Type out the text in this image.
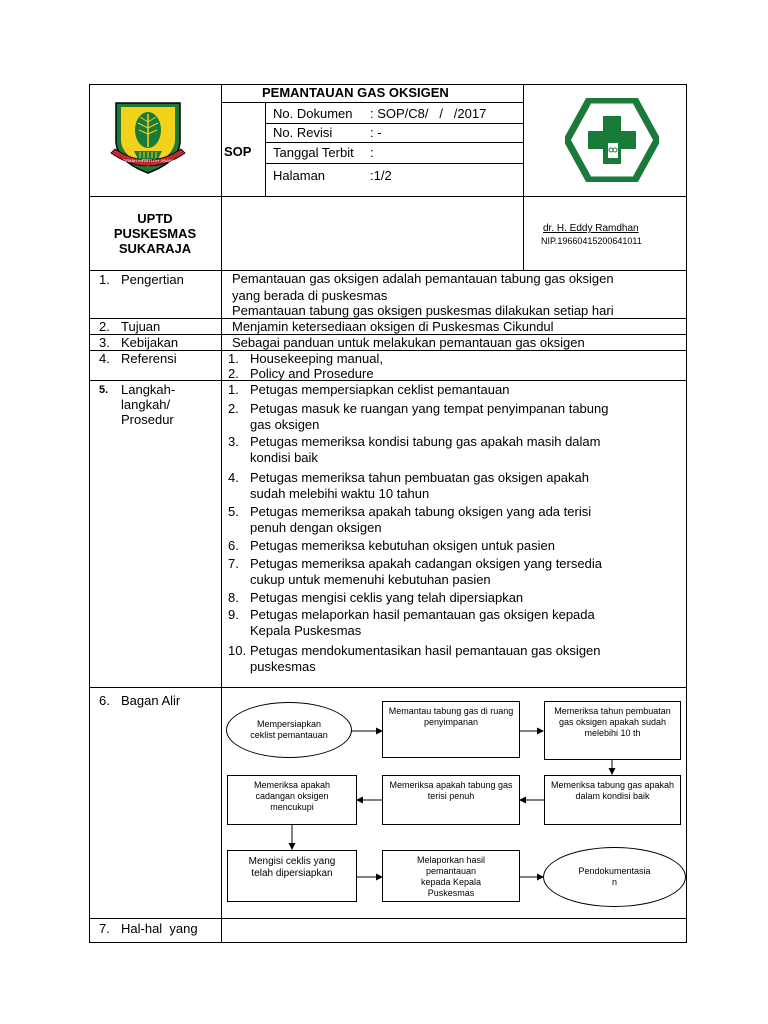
GEMAH RIPAH LOH JINAWI
PEMANTAUAN GAS OKSIGEN
SOP
No. Dokumen : SOP/C8/   /   /2017
No. Revisi	: -
Tanggal Terbit :
Halaman	:1/2
UPTD
PUSKESMAS
SUKARAJA
dr. H. Eddy Ramdhan
NIP.19660415200641011
1. Pengertian	Pemantauan gas oksigen adalah pemantauan tabung gas oksigen
yang berada di puskesmas
Pemantauan tabung gas oksigen puskesmas dilakukan setiap hari
2. Tujuan	Menjamin ketersediaan oksigen di Puskesmas Cikundul
3. Kebijakan	Sebagai panduan untuk melakukan pemantauan gas oksigen
4. Referensi	1. Housekeeping manual,
2. Policy and Prosedure
5. Langkah-
langkah/
Prosedur
1. Petugas mempersiapkan ceklist pemantauan
2. Petugas masuk ke ruangan yang tempat penyimpanan tabung
gas oksigen
3. Petugas memeriksa kondisi tabung gas apakah masih dalam
kondisi baik
4. Petugas memeriksa tahun pembuatan gas oksigen apakah
sudah melebihi waktu 10 tahun
5. Petugas memeriksa apakah tabung oksigen yang ada terisi
penuh dengan oksigen
6. Petugas memeriksa kebutuhan oksigen untuk pasien
7. Petugas memeriksa apakah cadangan oksigen yang tersedia
cukup untuk memenuhi kebutuhan pasien
8. Petugas mengisi ceklis yang telah dipersiapkan
9. Petugas melaporkan hasil pemantauan gas oksigen kepada
Kepala Puskesmas
10. Petugas mendokumentasikan hasil pemantauan gas oksigen
puskesmas
6. Bagan Alir
Mempersiapkan ceklist pemantauan
Memantau tabung gas di ruang penyimpanan
Memeriksa tahun pembuatan gas oksigen apakah sudah melebihi 10 th
Memeriksa tabung gas apakah dalam kondisi baik
Memeriksa apakah tabung gas terisi penuh
Memeriksa apakah cadangan oksigen mencukupi
Mengisi ceklis yang telah dipersiapkan
Melaporkan hasil pemantauan kepada Kepala Puskesmas
Pendokumentasia n
7. Hal-hal  yang
